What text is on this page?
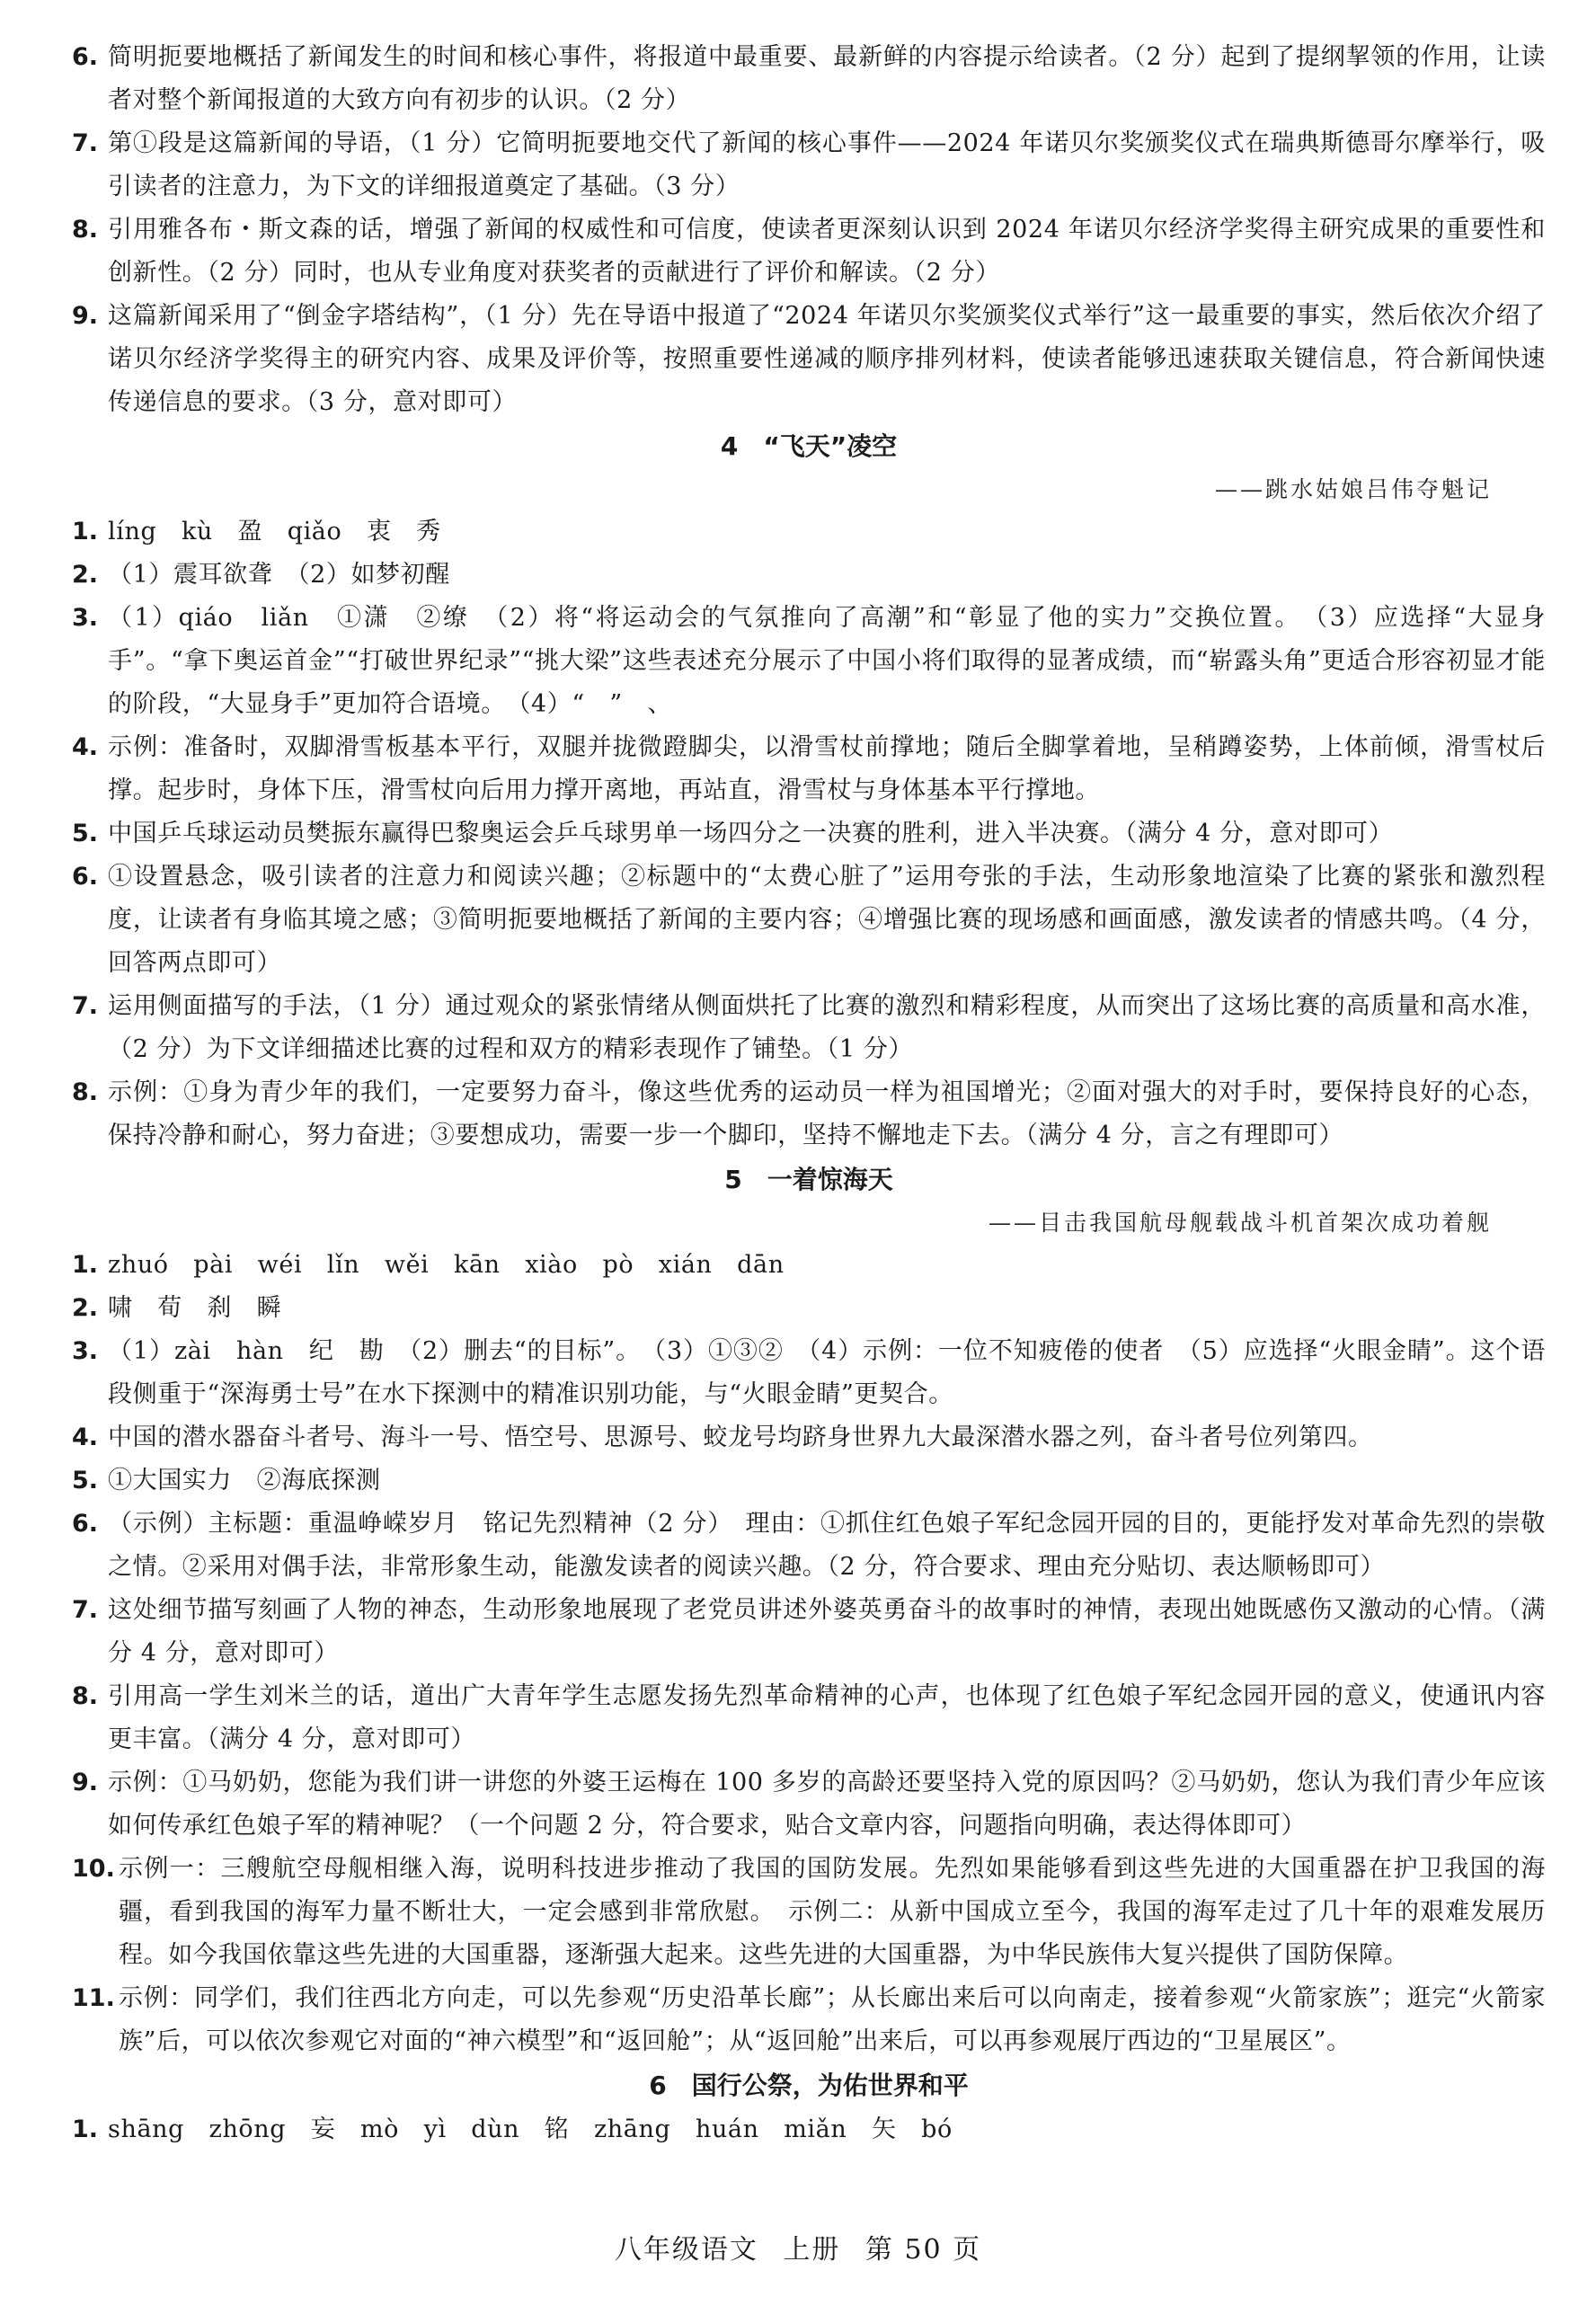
6. 简明扼要地概括了新闻发生的时间和核心事件，将报道中最重要、最新鲜的内容提示给读者。（2 分）起到了提纲挈领的作用，让读者对整个新闻报道的大致方向有初步的认识。（2 分）
7. 第①段是这篇新闻的导语，（1 分）它简明扼要地交代了新闻的核心事件——2024 年诺贝尔奖颁奖仪式在瑞典斯德哥尔摩举行，吸引读者的注意力，为下文的详细报道奠定了基础。（3 分）
8. 引用雅各布・斯文森的话，增强了新闻的权威性和可信度，使读者更深刻认识到 2024 年诺贝尔经济学奖得主研究成果的重要性和创新性。（2 分）同时，也从专业角度对获奖者的贡献进行了评价和解读。（2 分）
9. 这篇新闻采用了“倒金字塔结构”，（1 分）先在导语中报道了“2024 年诺贝尔奖颁奖仪式举行”这一最重要的事实，然后依次介绍了诺贝尔经济学奖得主的研究内容、成果及评价等，按照重要性递减的顺序排列材料，使读者能够迅速获取关键信息，符合新闻快速传递信息的要求。（3 分，意对即可）
4 “飞天”凌空
——跳水姑娘吕伟夺魁记
1. líng　kù　盈　qiǎo　衷　秀
2. （1）震耳欲聋　（2）如梦初醒
3. （1）qiáo　liǎn　①潇　②缭　（2）将“将运动会的气氛推向了高潮”和“彰显了他的实力”交换位置。　（3）应选择“大显身手”。“拿下奥运首金”“打破世界纪录”“挑大梁”这些表述充分展示了中国小将们取得的显著成绩，而“崭露头角”更适合形容初显才能的阶段，“大显身手”更加符合语境。　（4）“　”　、
4. 示例：准备时，双脚滑雪板基本平行，双腿并拢微蹬脚尖，以滑雪杖前撑地；随后全脚掌着地，呈稍蹲姿势，上体前倾，滑雪杖后撑。起步时，身体下压，滑雪杖向后用力撑开离地，再站直，滑雪杖与身体基本平行撑地。
5. 中国乒乓球运动员樊振东赢得巴黎奥运会乒乓球男单一场四分之一决赛的胜利，进入半决赛。（满分 4 分，意对即可）
6. ①设置悬念，吸引读者的注意力和阅读兴趣；②标题中的“太费心脏了”运用夸张的手法，生动形象地渲染了比赛的紧张和激烈程度，让读者有身临其境之感；③简明扼要地概括了新闻的主要内容；④增强比赛的现场感和画面感，激发读者的情感共鸣。（4 分，回答两点即可）
7. 运用侧面描写的手法，（1 分）通过观众的紧张情绪从侧面烘托了比赛的激烈和精彩程度，从而突出了这场比赛的高质量和高水准，（2 分）为下文详细描述比赛的过程和双方的精彩表现作了铺垫。（1 分）
8. 示例：①身为青少年的我们，一定要努力奋斗，像这些优秀的运动员一样为祖国增光；②面对强大的对手时，要保持良好的心态，保持冷静和耐心，努力奋进；③要想成功，需要一步一个脚印，坚持不懈地走下去。（满分 4 分，言之有理即可）
5 一着惊海天
——目击我国航母舰载战斗机首架次成功着舰
1. zhuó　pài　wéi　lǐn　wěi　kān　xiào　pò　xián　dān
2. 啸　荀　刹　瞬
3. （1）zài　hàn　纪　勘　（2）删去“的目标”。　（3）①③②　（4）示例：一位不知疲倦的使者　（5）应选择“火眼金睛”。这个语段侧重于“深海勇士号”在水下探测中的精准识别功能，与“火眼金睛”更契合。
4. 中国的潜水器奋斗者号、海斗一号、悟空号、思源号、蛟龙号均跻身世界九大最深潜水器之列，奋斗者号位列第四。
5. ①大国实力　②海底探测
6. （示例）主标题：重温峥嵘岁月　铭记先烈精神（2 分）　理由：①抓住红色娘子军纪念园开园的目的，更能抒发对革命先烈的崇敬之情。②采用对偶手法，非常形象生动，能激发读者的阅读兴趣。（2 分，符合要求、理由充分贴切、表达顺畅即可）
7. 这处细节描写刻画了人物的神态，生动形象地展现了老党员讲述外婆英勇奋斗的故事时的神情，表现出她既感伤又激动的心情。（满分 4 分，意对即可）
8. 引用高一学生刘米兰的话，道出广大青年学生志愿发扬先烈革命精神的心声，也体现了红色娘子军纪念园开园的意义，使通讯内容更丰富。（满分 4 分，意对即可）
9. 示例：①马奶奶，您能为我们讲一讲您的外婆王运梅在 100 多岁的高龄还要坚持入党的原因吗？②马奶奶，您认为我们青少年应该如何传承红色娘子军的精神呢？（一个问题 2 分，符合要求，贴合文章内容，问题指向明确，表达得体即可）
10. 示例一：三艘航空母舰相继入海，说明科技进步推动了我国的国防发展。先烈如果能够看到这些先进的大国重器在护卫我国的海疆，看到我国的海军力量不断壮大，一定会感到非常欣慰。　示例二：从新中国成立至今，我国的海军走过了几十年的艰难发展历程。如今我国依靠这些先进的大国重器，逐渐强大起来。这些先进的大国重器，为中华民族伟大复兴提供了国防保障。
11. 示例：同学们，我们往西北方向走，可以先参观“历史沿革长廊”；从长廊出来后可以向南走，接着参观“火箭家族”；逛完“火箭家族”后，可以依次参观它对面的“神六模型”和“返回舱”；从“返回舱”出来后，可以再参观展厅西边的“卫星展区”。
6 国行公祭，为佑世界和平
1. shāng　zhōng　妄　mò　yì　dùn　铭　zhāng　huán　miǎn　矢　bó
八年级语文 上册 第 50 页
